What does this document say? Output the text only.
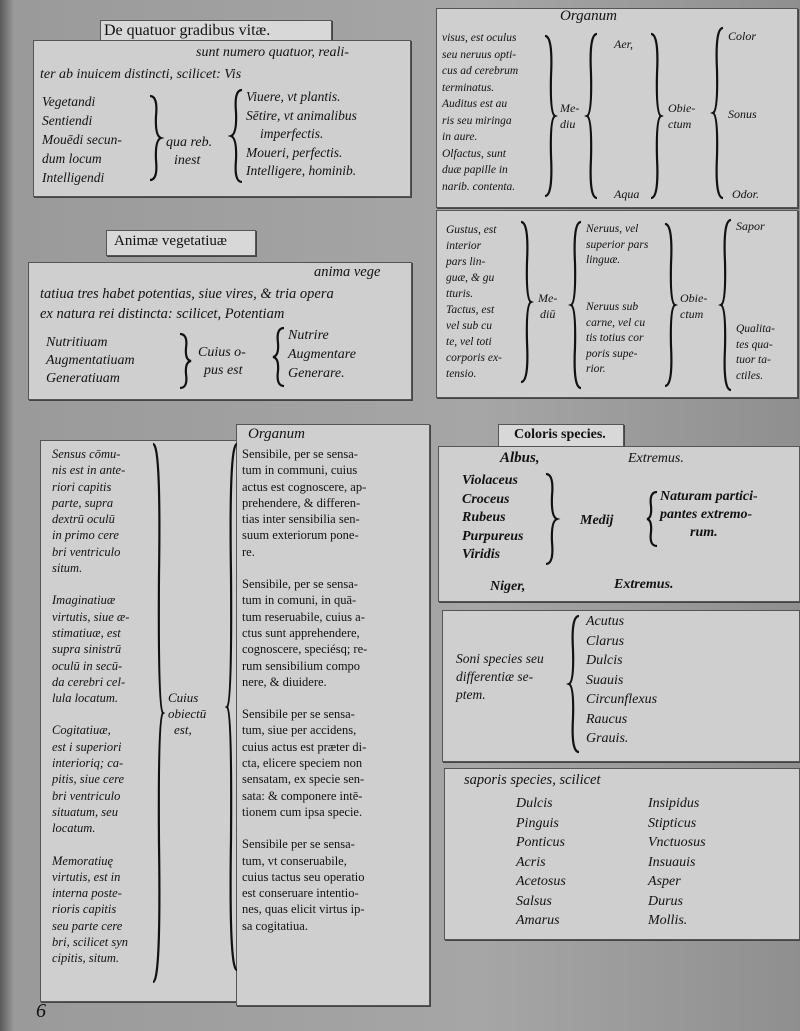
De quatuor gradibus vitæ.
sunt numero quatuor, reali-
ter ab inuicem distincti, scilicet: Vis
Vegetandi
Sentiendi
Mouēdi secun-
dum locum
Intelligendi
qua reb.
inest
Viuere, vt plantis.
Sētire, vt animalibus
imperfectis.
Moueri, perfectis.
Intelligere, hominib.
Animæ vegetatiuæ
anima vege
tatiua tres habet potentias, siue vires, & tria opera
ex natura rei distincta: scilicet, Potentiam
Nutritiuam
Augmentatiuam
Generatiuam
Cuius o-
pus est
Nutrire
Augmentare
Generare.
Organum
visus, est oculus
seu neruus opti-
cus ad cerebrum
terminatus.
Auditus est au
ris seu miringa
in aure.
Olfactus, sunt
duæ papille in
narib. contenta.
Me-
diu
Aer,
Aqua
Obie-
ctum
Color
Sonus
Odor.
Gustus, est
interior
pars lin-
guæ, & gu
tturis.
Tactus, est
vel sub cu
te, vel toti
corporis ex-
tensio.
Me-
diū
Neruus, vel
superior pars
linguæ.
Neruus sub
carne, vel cu
tis totius cor
poris supe-
rior.
Obie-
ctum
Sapor
Qualita-
tes quа-
tuor ta-
ctiles.
Organum
Sensus cōmu-
nis est in ante-
riori capitis
parte, supra
dextrū oculū
in primo cere
bri ventriculo
situm.
Imaginatiuæ
virtutis, siue æ-
stimatiuæ, est
supra sinistrū
oculū in secū-
da cerebri cel-
lula locatum.
Cogitatiuæ,
est i superiori
interioriq; ca-
pitis, siue cere
bri ventriculo
situatum, seu
locatum.
Memoratiuę
virtutis, est in
interna poste-
rioris capitis
seu parte cere
bri, scilicet syn
cipitis, situm.
Cuius
obiectū
est,
Sensibile, per se sensa-
tum in communi, cuius
actus est cognoscere, ap-
prehendere, & differen-
tias inter sensibilia sen-
suum exteriorum pone-
re.
Sensibile, per se sensa-
tum in comuni, in quā-
tum reseruabile, cuius a-
ctus sunt apprehendere,
cognoscere, speciésq; re-
rum sensibilium compo
nere, & diuidere.
Sensibile per se sensa-
tum, siue per accidens,
cuius actus est præter di-
cta, elicere speciem non
sensatam, ex specie sen-
sata: & componere intē-
tionem cum ipsa specie.
Sensibile per se sensa-
tum, vt conseruabile,
cuius tactus seu operatio
est conseruare intentio-
nes, quas elicit virtus ip-
sa cogitatiua.
Coloris species.
Albus,	Extremus.
Violaceus
Croceus
Rubeus
Purpureus
Viridis
Medij
Naturam partici-
pantes extremo-
rum.
Niger,	Extremus.
Soni species seu
differentiæ se-
ptem.
Acutus
Clarus
Dulcis
Suauis
Circunflexus
Raucus
Grauis.
saporis species, scilicet
Dulcis
Pinguis
Ponticus
Acris
Acetosus
Salsus
Amarus
Insipidus
Stipticus
Vnctuosus
Insuauis
Asper
Durus
Mollis.
6
